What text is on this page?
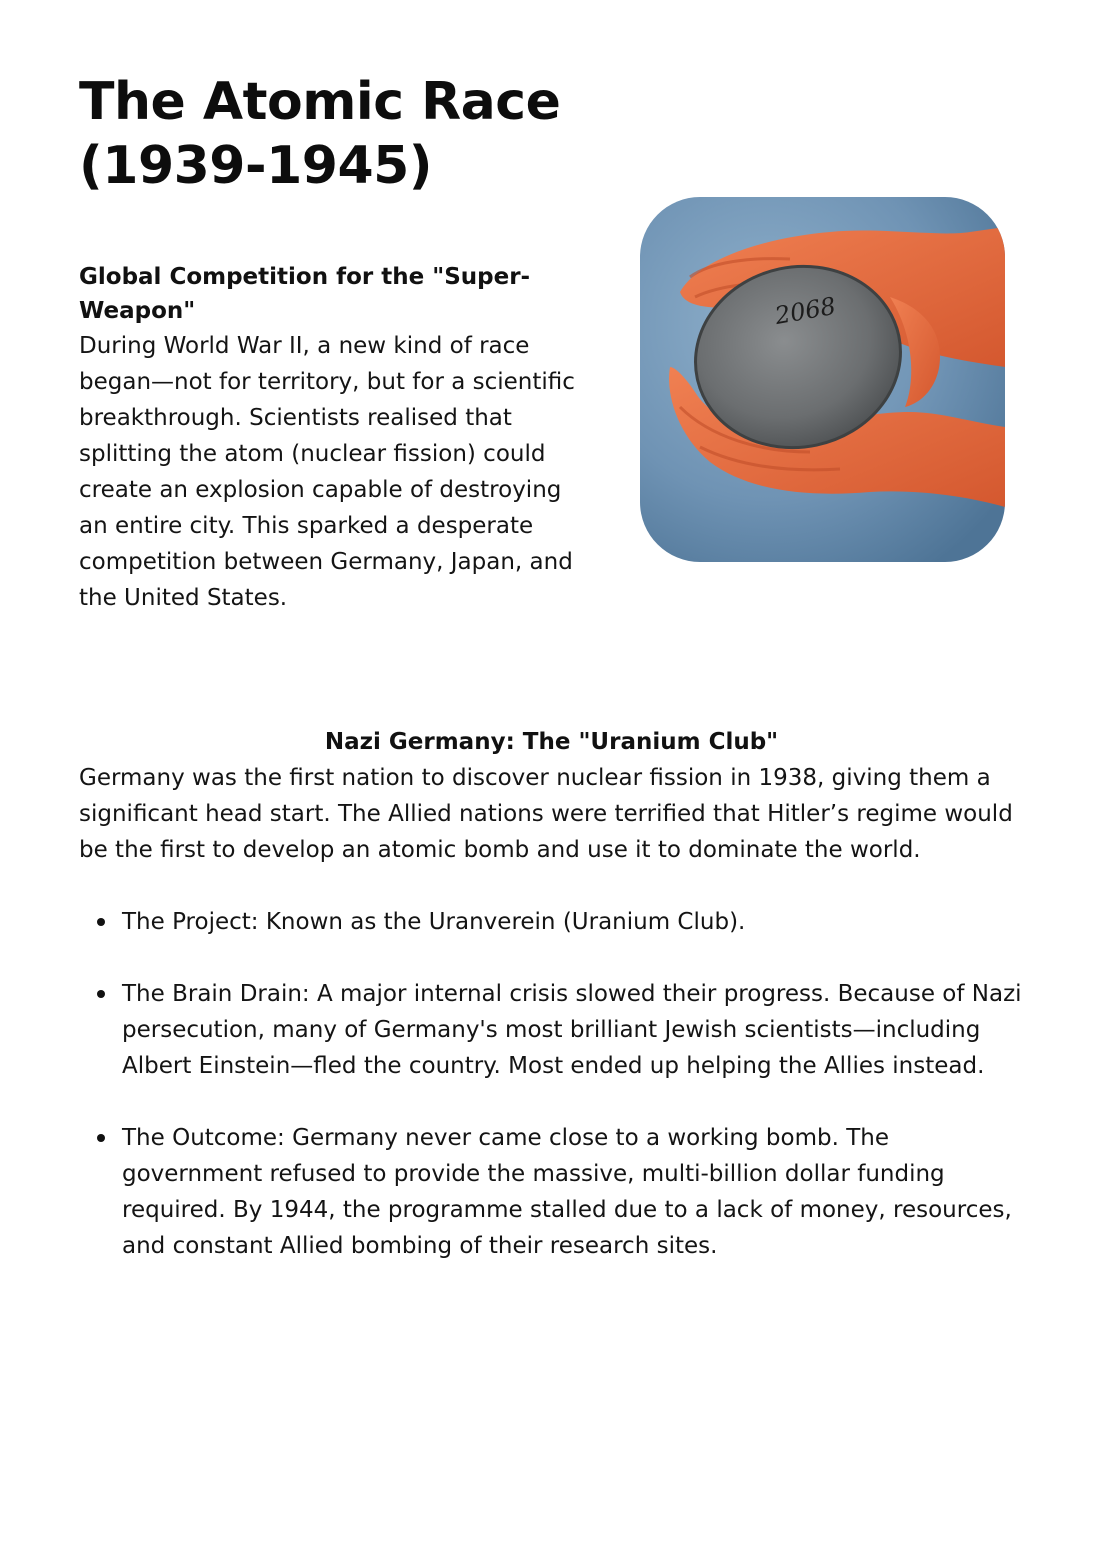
The Atomic Race
(1939-1945)

Global Competition for the "Super-Weapon"

During World War II, a new kind of race began—not for territory, but for a scientific breakthrough. Scientists realised that splitting the atom (nuclear fission) could create an explosion capable of destroying an entire city. This sparked a desperate competition between Germany, Japan, and the United States.

2068

Nazi Germany: The "Uranium Club"

Germany was the first nation to discover nuclear fission in 1938, giving them a significant head start. The Allied nations were terrified that Hitler’s regime would be the first to develop an atomic bomb and use it to dominate the world.

The Project: Known as the Uranverein (Uranium Club).
The Brain Drain: A major internal crisis slowed their progress. Because of Nazi persecution, many of Germany's most brilliant Jewish scientists—including Albert Einstein—fled the country. Most ended up helping the Allies instead.
The Outcome: Germany never came close to a working bomb. The government refused to provide the massive, multi-billion dollar funding required. By 1944, the programme stalled due to a lack of money, resources, and constant Allied bombing of their research sites.
